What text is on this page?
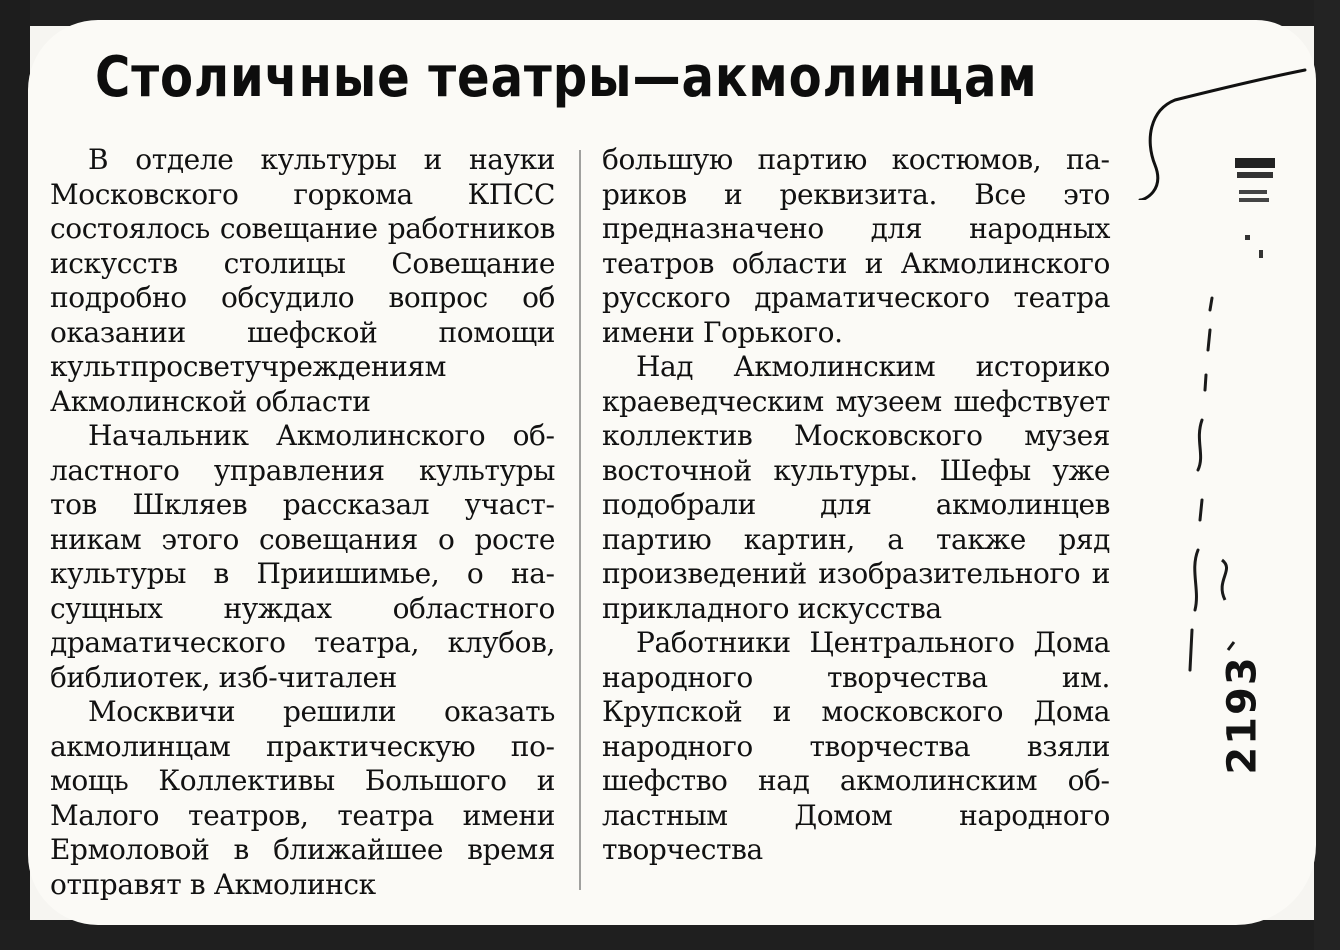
Столичные театры—акмолинцам

В отделе культуры и науки Московского горкома КПСС состоялось совещание работников искусств столицы Совещание подробно обсудило вопрос об оказании шефской помощи культпросветучреждениям Акмолинской области

Начальник Акмолинского областного управления культуры тов Шкляев рассказал участникам этого совещания о росте культуры в Приишимье, о насущных нуждах областного драматического театра, клубов, библиотек, изб-читален

Москвичи решили оказать акмолинцам практическую помощь Коллективы Большого и Малого театров, театра имени Ермоловой в ближайшее время отправят в Акмолинск

большую партию костюмов, париков и реквизита. Все это предназначено для народных театров области и Акмолинского русского драматического театра имени Горького.

Над Акмолинским историко краеведческим музеем шефствует коллектив Московского музея восточной культуры. Шефы уже подобрали для акмолинцев партию картин, а также ряд произведений изобразительного и прикладного искусства

Работники Центрального Дома народного творчества им. Крупской и московского Дома народного творчества взяли шефство над акмолинским областным Домом народного творчества

2193
